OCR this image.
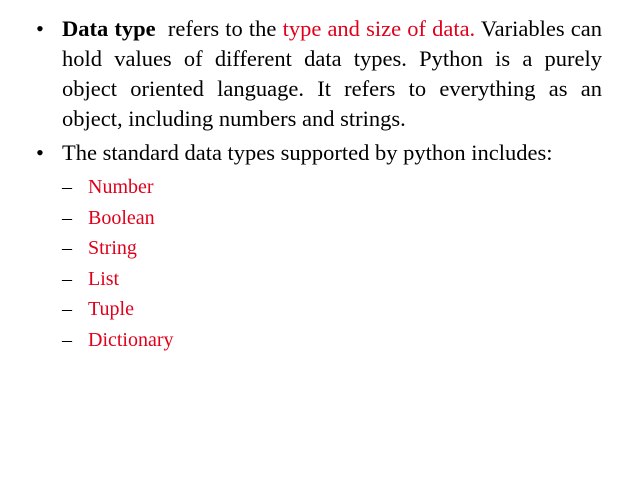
• Data type  refers to the type and size of data. Variables can hold values of different data types. Python is a purely object oriented language. It refers to everything as an object, including numbers and strings.
• The standard data types supported by python includes:
– Number
– Boolean
– String
– List
– Tuple
– Dictionary
